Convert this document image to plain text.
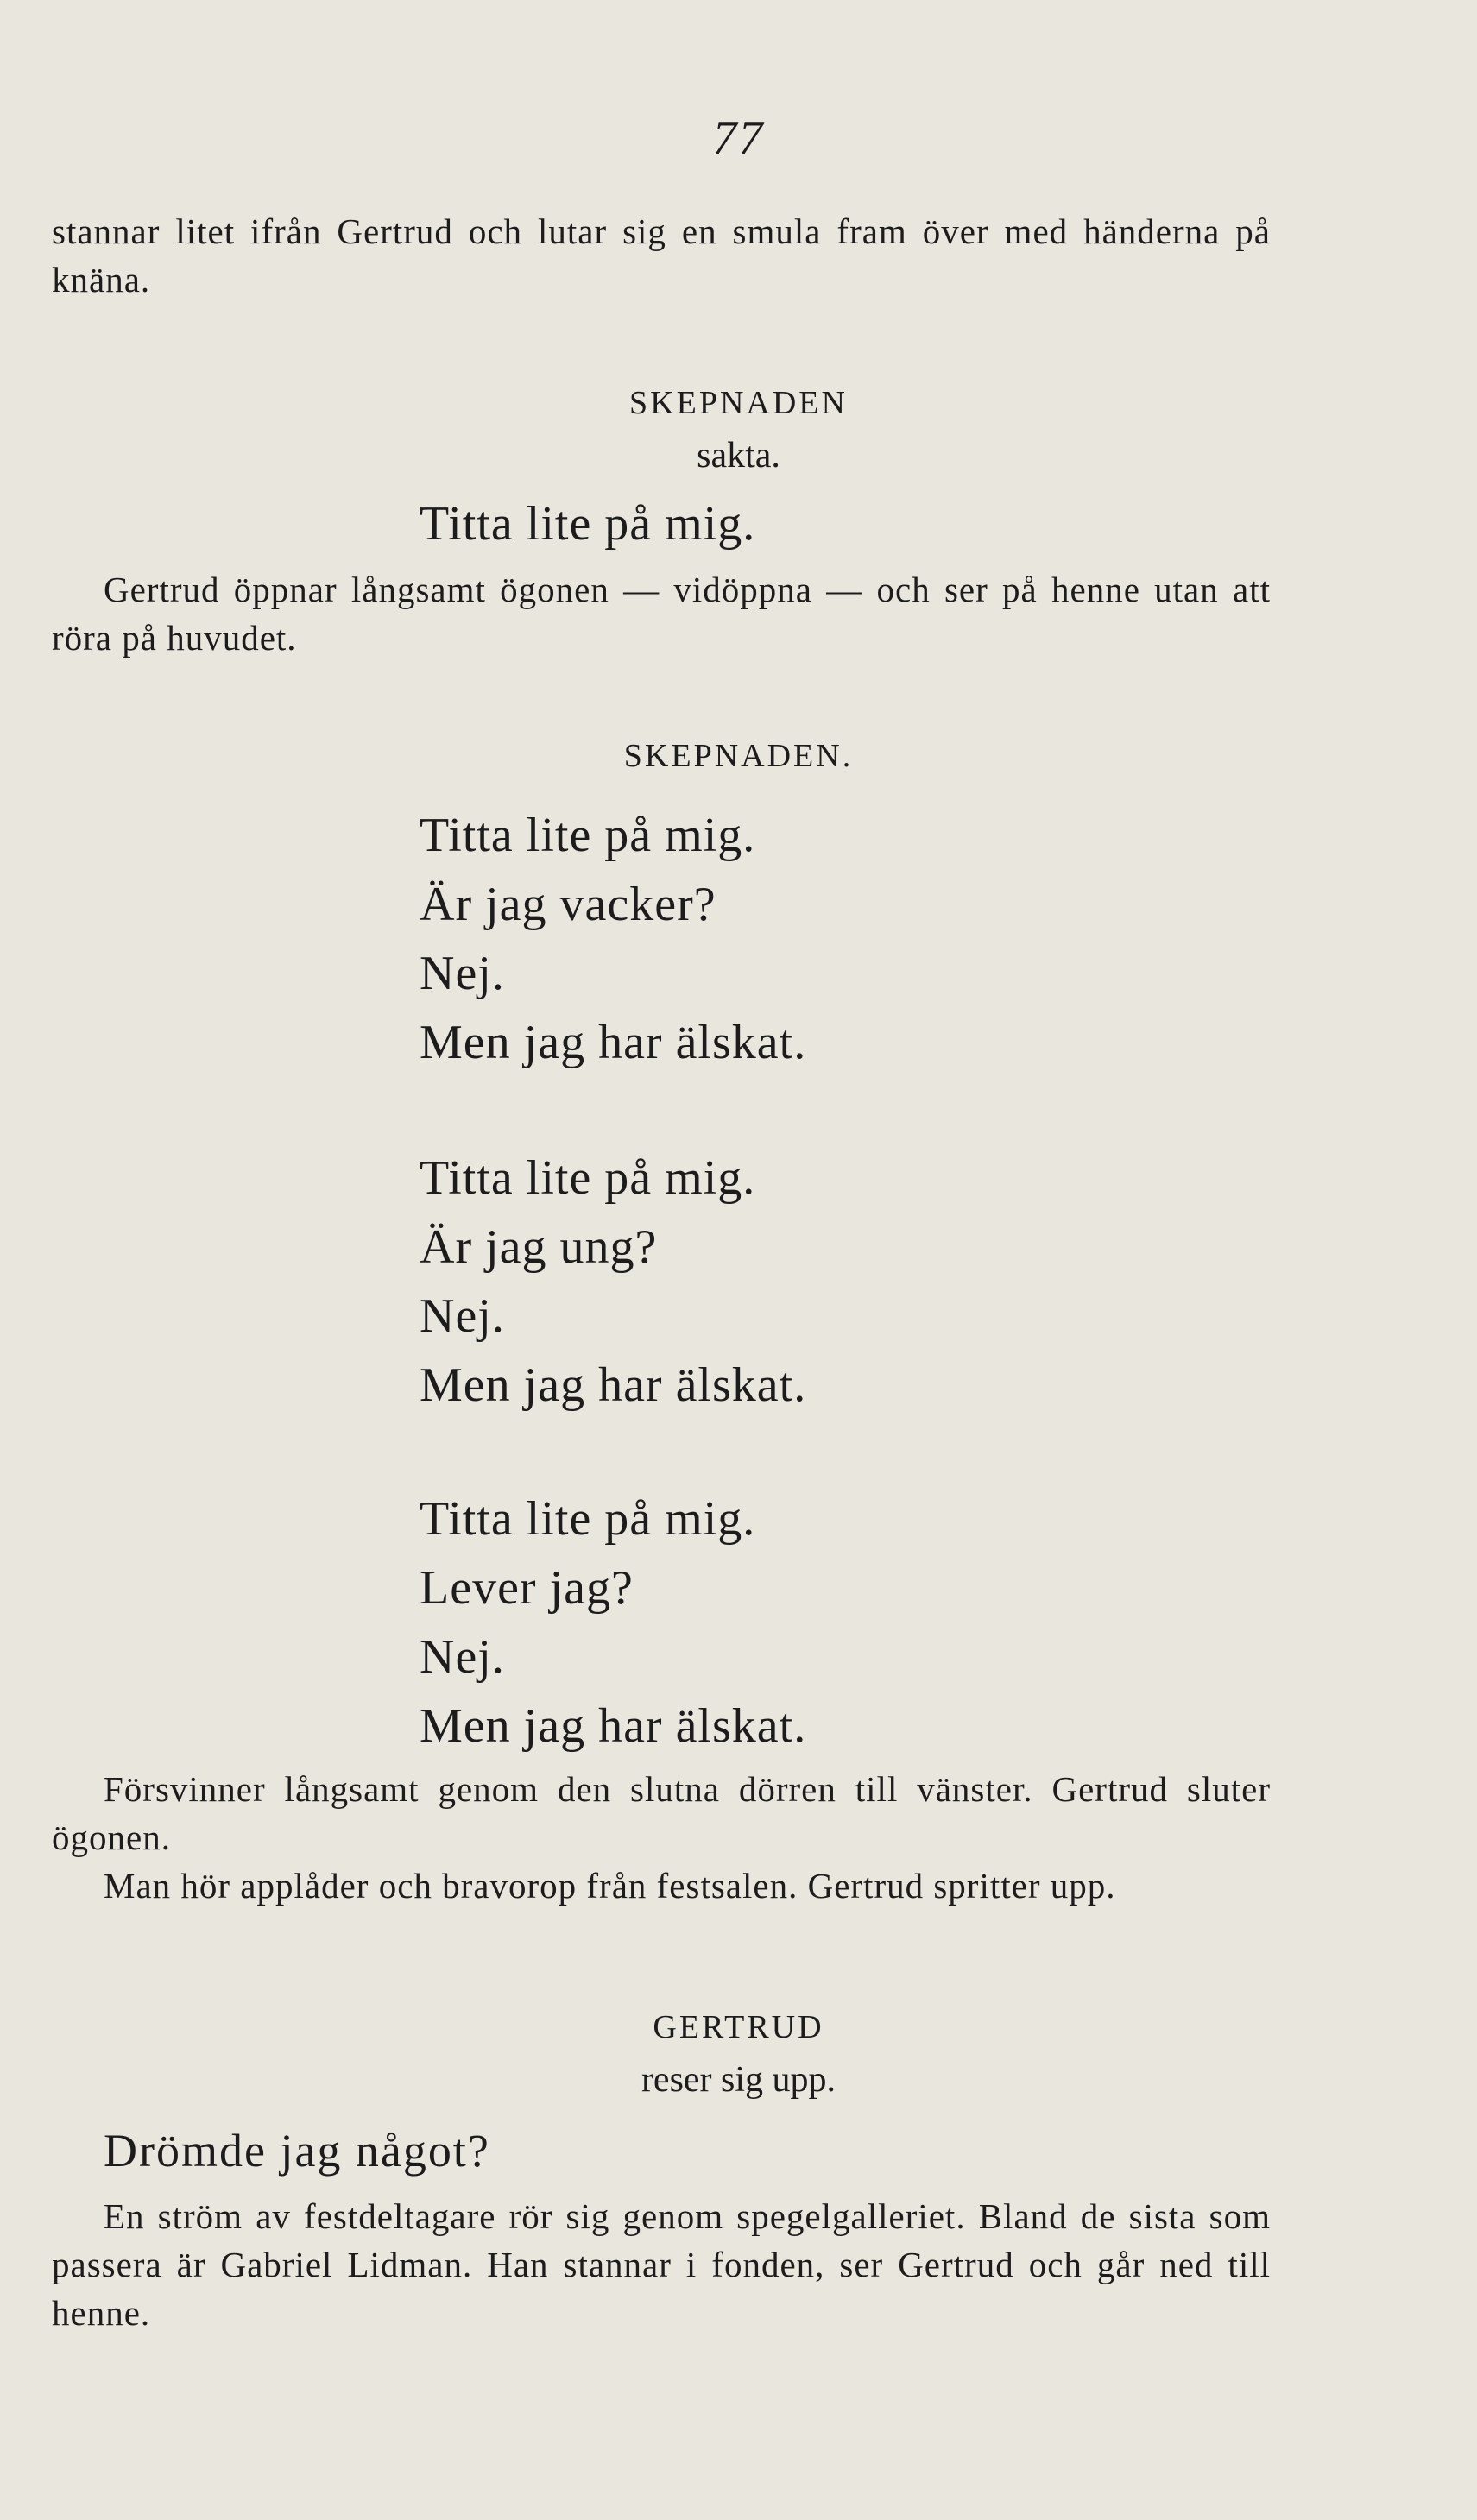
77

stannar litet ifrån Gertrud och lutar sig en smula fram över med händerna på knäna.

SKEPNADEN
sakta.
Titta lite på mig.

Gertrud öppnar långsamt ögonen — vidöppna — och ser på henne utan att röra på huvudet.

SKEPNADEN.
Titta lite på mig.
Är jag vacker?
Nej.
Men jag har älskat.
Titta lite på mig.
Är jag ung?
Nej.
Men jag har älskat.
Titta lite på mig.
Lever jag?
Nej.
Men jag har älskat.

Försvinner långsamt genom den slutna dörren till vänster. Gertrud sluter ögonen.

Man hör applåder och bravorop från festsalen. Gertrud spritter upp.

GERTRUD
reser sig upp.
Drömde jag något?

En ström av festdeltagare rör sig genom spegelgalleriet. Bland de sista som passera är Gabriel Lidman. Han stannar i fonden, ser Gertrud och går ned till henne.
